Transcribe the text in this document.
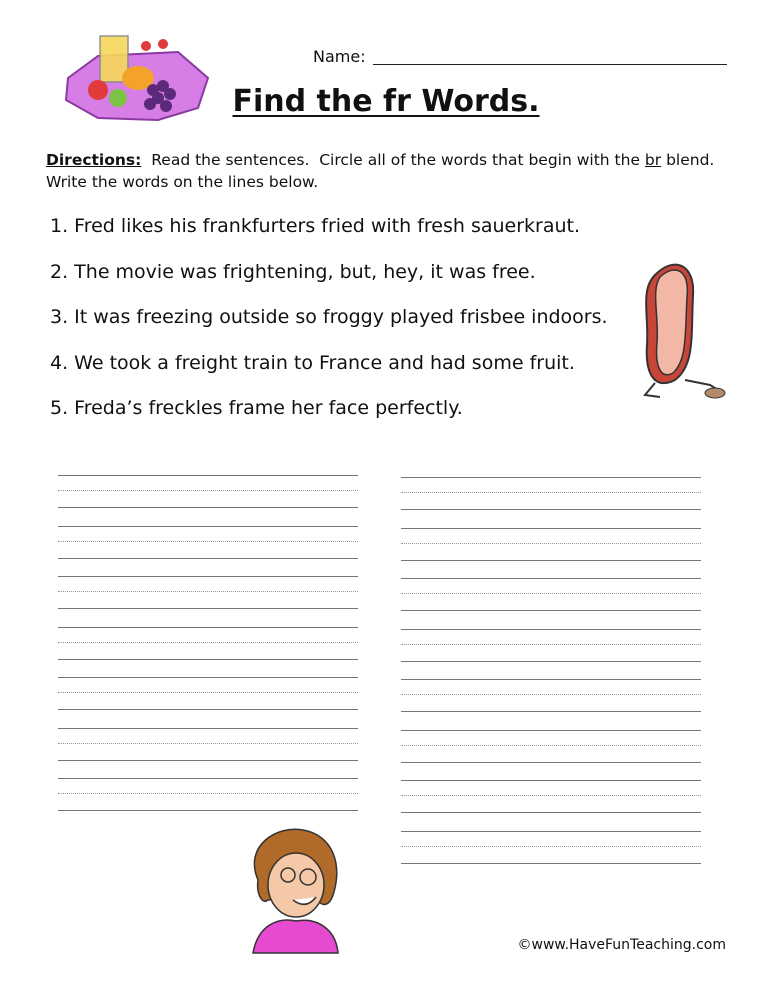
Name:
Find the fr Words.
Directions:  Read the sentences.  Circle all of the words that begin with the br blend.  Write the words on the lines below.
1. Fred likes his frankfurters fried with fresh sauerkraut.
2. The movie was frightening, but, hey, it was free.
3. It was freezing outside so froggy played frisbee indoors.
4. We took a freight train to France and had some fruit.
5. Freda’s freckles frame her face perfectly.
©www.HaveFunTeaching.com
